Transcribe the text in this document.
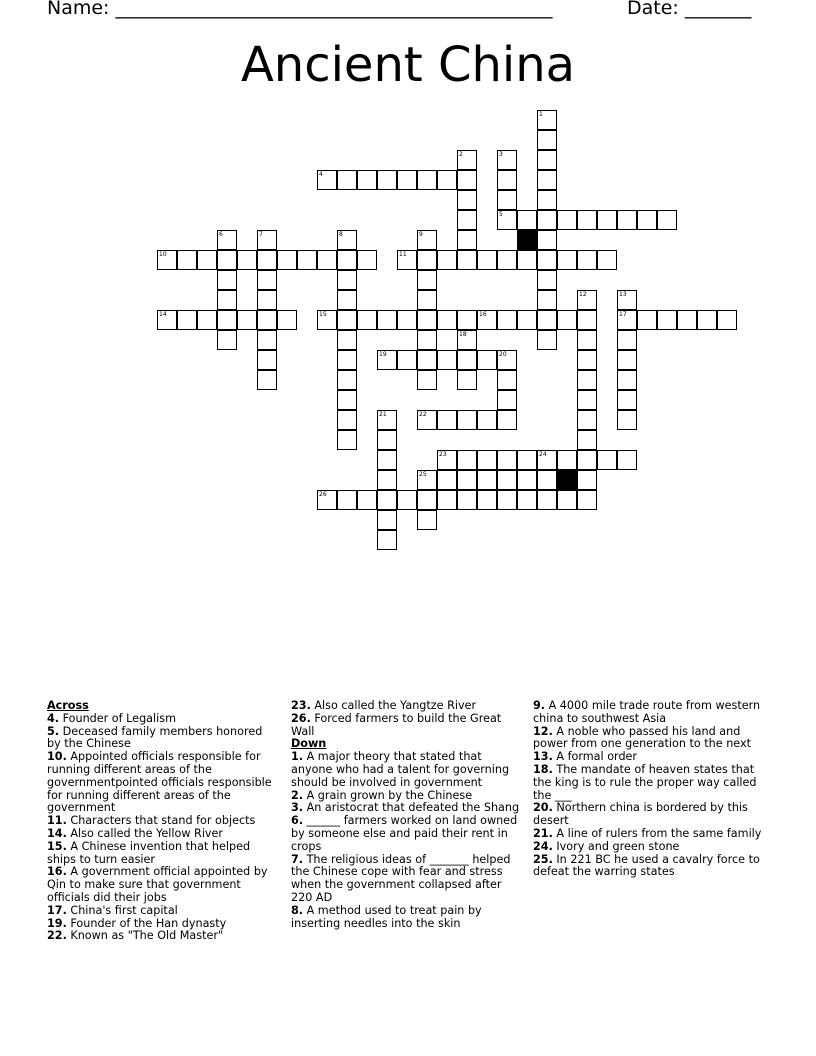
Name: ______________________________________________	Date: _______
Ancient China
1
2	3
5
4
6	7	8	9
10	11
12	13
17
14	15	16
18
19	20
21	22
23	24
25
26
Across
4. Founder of Legalism
5. Deceased family members honored by the Chinese
10. Appointed officials responsible for running different areas of the governmentpointed officials responsible for running different areas of the government
11. Characters that stand for objects
14. Also called the Yellow River
15. A Chinese invention that helped ships to turn easier
16. A government official appointed by Qin to make sure that government officials did their jobs
17. China's first capital
19. Founder of the Han dynasty
22. Known as "The Old Master"
23. Also called the Yangtze River
26. Forced farmers to build the Great Wall
Down
1. A major theory that stated that anyone who had a talent for governing should be involved in government
2. A grain grown by the Chinese
3. An aristocrat that defeated the Shang
6. ______ farmers worked on land owned by someone else and paid their rent in crops
7. The religious ideas of _______ helped the Chinese cope with fear and stress when the government collapsed after 220 AD
8. A method used to treat pain by inserting needles into the skin
9. A 4000 mile trade route from western china to southwest Asia
12. A noble who passed his land and power from one generation to the next
13. A formal order
18. The mandate of heaven states that the king is to rule the proper way called the ___
20. Northern china is bordered by this desert
21. A line of rulers from the same family
24. Ivory and green stone
25. In 221 BC he used a cavalry force to defeat the warring states
